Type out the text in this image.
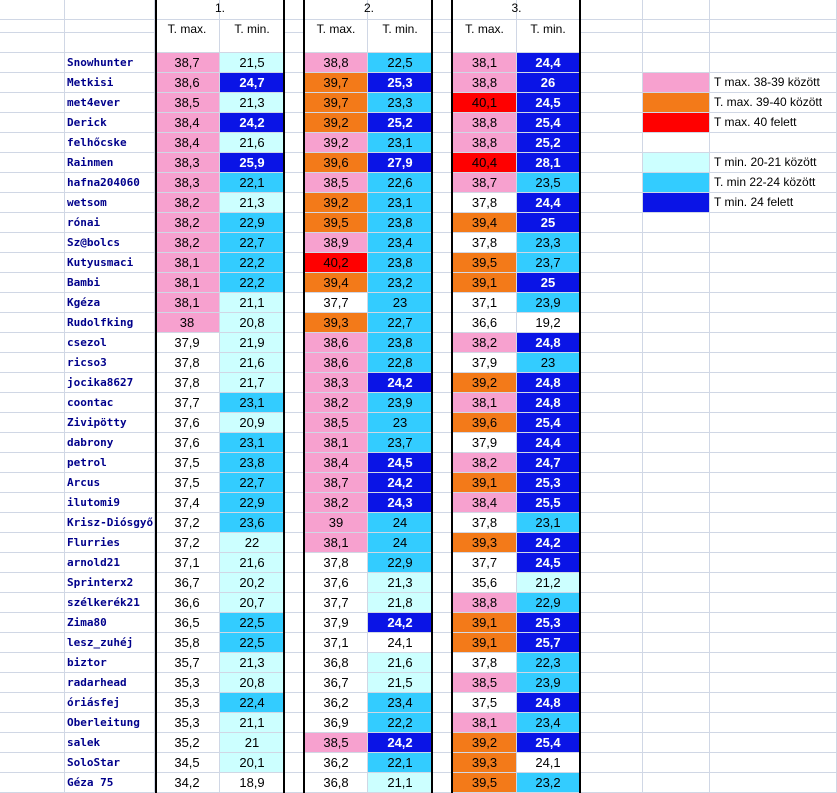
1.	2.	3.
T. max.	T. min.	T. max.	T. min.	T. max.	T. min.
Snowhunter	38,7	21,5	38,8	22,5	38,1	24,4
Metkisi	38,6	24,7	39,7	25,3	38,8	26
met4ever	38,5	21,3	39,7	23,3	40,1	24,5
Derick	38,4	24,2	39,2	25,2	38,8	25,4
felhőcske	38,4	21,6	39,2	23,1	38,8	25,2
Rainmen	38,3	25,9	39,6	27,9	40,4	28,1
hafna204060	38,3	22,1	38,5	22,6	38,7	23,5
wetsom	38,2	21,3	39,2	23,1	37,8	24,4
rónai	38,2	22,9	39,5	23,8	39,4	25
Sz@bolcs	38,2	22,7	38,9	23,4	37,8	23,3
Kutyusmaci	38,1	22,2	40,2	23,8	39,5	23,7
Bambi	38,1	22,2	39,4	23,2	39,1	25
Kgéza	38,1	21,1	37,7	23	37,1	23,9
Rudolfking	38	20,8	39,3	22,7	36,6	19,2
csezol	37,9	21,9	38,6	23,8	38,2	24,8
ricso3	37,8	21,6	38,6	22,8	37,9	23
jocika8627	37,8	21,7	38,3	24,2	39,2	24,8
coontac	37,7	23,1	38,2	23,9	38,1	24,8
Zivipötty	37,6	20,9	38,5	23	39,6	25,4
dabrony	37,6	23,1	38,1	23,7	37,9	24,4
petrol	37,5	23,8	38,4	24,5	38,2	24,7
Arcus	37,5	22,7	38,7	24,2	39,1	25,3
ilutomi9	37,4	22,9	38,2	24,3	38,4	25,5
Krisz-Diósgyő	37,2	23,6	39	24	37,8	23,1
Flurries	37,2	22	38,1	24	39,3	24,2
arnold21	37,1	21,6	37,8	22,9	37,7	24,5
Sprinterx2	36,7	20,2	37,6	21,3	35,6	21,2
szélkerék21	36,6	20,7	37,7	21,8	38,8	22,9
Zima80	36,5	22,5	37,9	24,2	39,1	25,3
lesz_zuhéj	35,8	22,5	37,1	24,1	39,1	25,7
biztor	35,7	21,3	36,8	21,6	37,8	22,3
radarhead	35,3	20,8	36,7	21,5	38,5	23,9
óriásfej	35,3	22,4	36,2	23,4	37,5	24,8
Oberleitung	35,3	21,1	36,9	22,2	38,1	23,4
salek	35,2	21	38,5	24,2	39,2	25,4
SoloStar	34,5	20,1	36,2	22,1	39,3	24,1
Géza 75	34,2	18,9	36,8	21,1	39,5	23,2
T max. 38-39 között
T. max. 39-40 között
T max. 40 felett
T min. 20-21 között
T. min 22-24 között
T min. 24 felett
